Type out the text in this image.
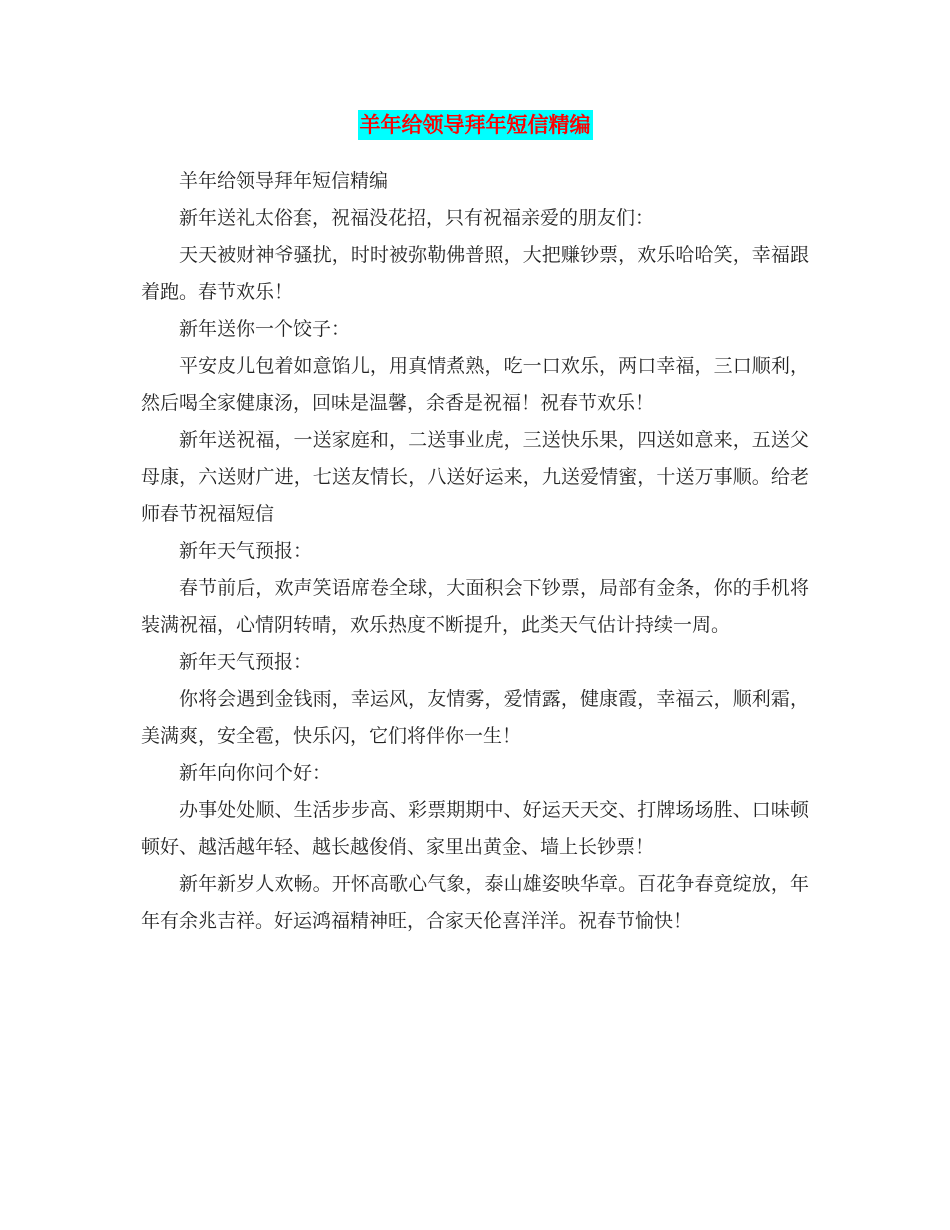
羊年给领导拜年短信精编

羊年给领导拜年短信精编

新年送礼太俗套，祝福没花招，只有祝福亲爱的朋友们：

天天被财神爷骚扰，时时被弥勒佛普照，大把赚钞票，欢乐哈哈笑，幸福跟着跑。春节欢乐！

新年送你一个饺子：

平安皮儿包着如意馅儿，用真情煮熟，吃一口欢乐，两口幸福，三口顺利，然后喝全家健康汤，回味是温馨，余香是祝福！祝春节欢乐！

新年送祝福，一送家庭和，二送事业虎，三送快乐果，四送如意来，五送父母康，六送财广进，七送友情长，八送好运来，九送爱情蜜，十送万事顺。给老师春节祝福短信

新年天气预报：

春节前后，欢声笑语席卷全球，大面积会下钞票，局部有金条，你的手机将装满祝福，心情阴转晴，欢乐热度不断提升，此类天气估计持续一周。

新年天气预报：

你将会遇到金钱雨，幸运风，友情雾，爱情露，健康霞，幸福云，顺利霜，美满爽，安全雹，快乐闪，它们将伴你一生！

新年向你问个好：

办事处处顺、生活步步高、彩票期期中、好运天天交、打牌场场胜、口味顿顿好、越活越年轻、越长越俊俏、家里出黄金、墙上长钞票！

新年新岁人欢畅。开怀高歌心气象，泰山雄姿映华章。百花争春竟绽放，年年有余兆吉祥。好运鸿福精神旺，合家天伦喜洋洋。祝春节愉快！
